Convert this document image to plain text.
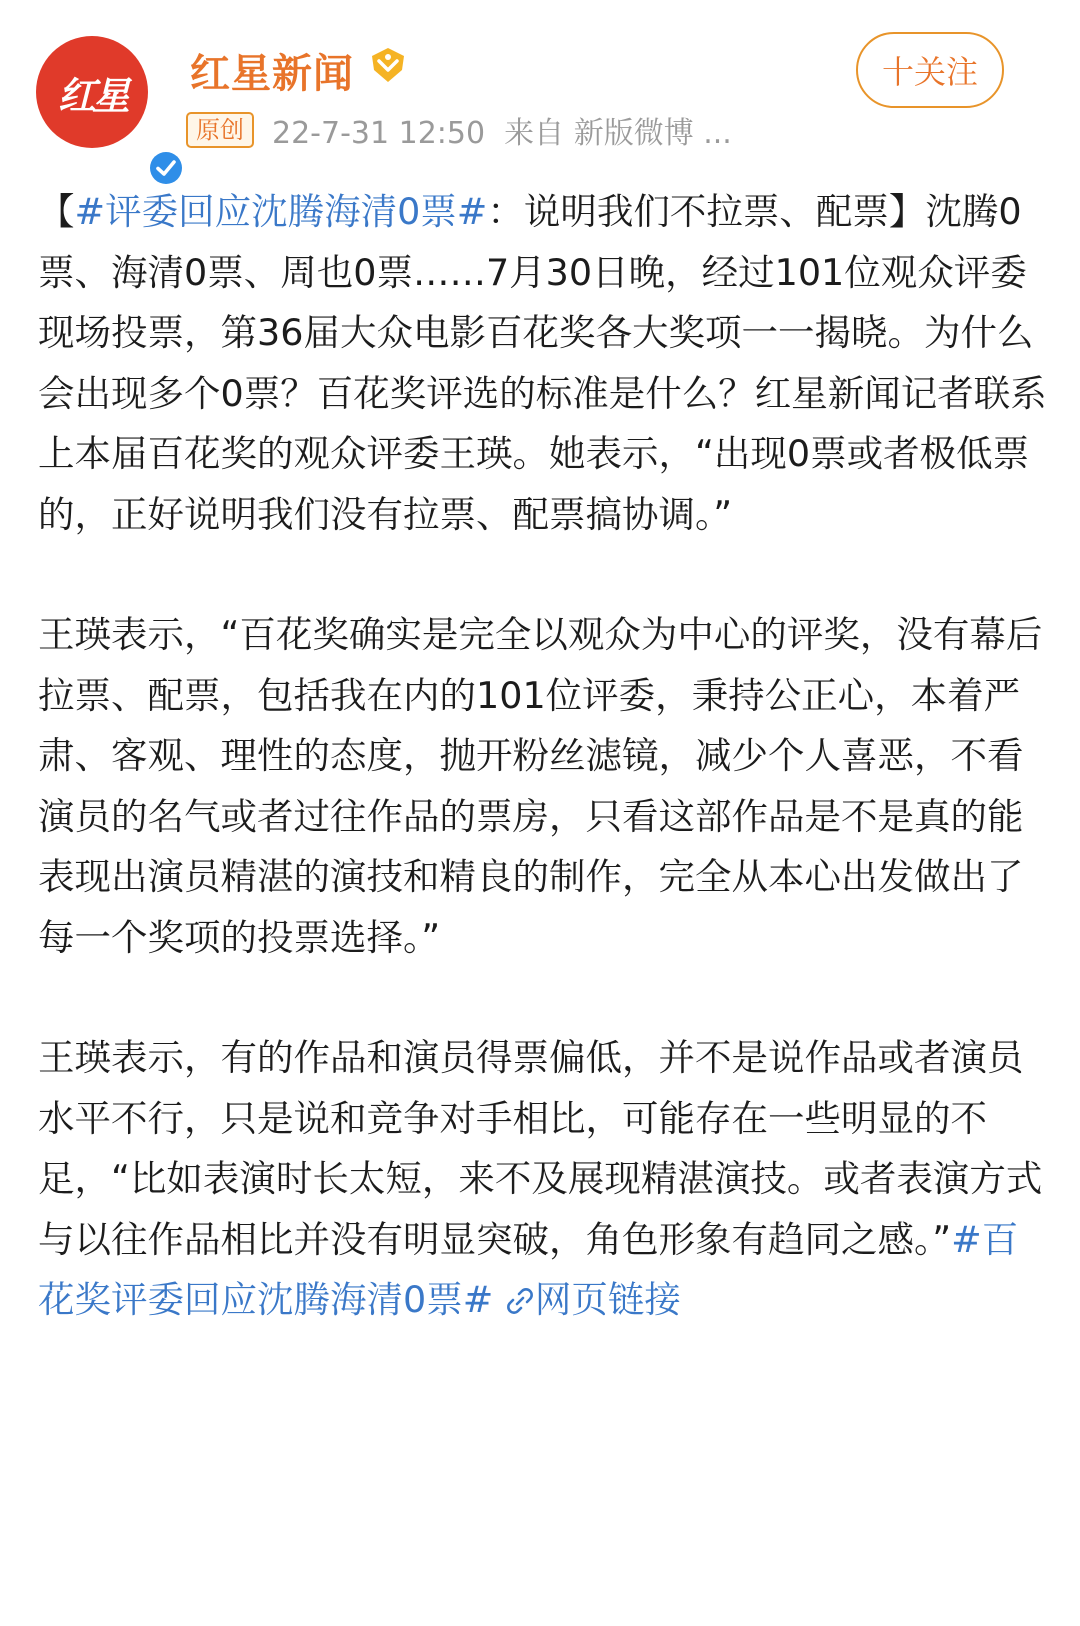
红星	红星新闻
原创 22-7-31 12:50 来自 新版微博 ...
十关注

【#评委回应沈腾海清0票#：说明我们不拉票、配票】沈腾0票、海清0票、周也0票……7月30日晚，经过101位观众评委现场投票，第36届大众电影百花奖各大奖项一一揭晓。为什么会出现多个0票？百花奖评选的标准是什么？红星新闻记者联系上本届百花奖的观众评委王瑛。她表示，“出现0票或者极低票的，正好说明我们没有拉票、配票搞协调。”

王瑛表示，“百花奖确实是完全以观众为中心的评奖，没有幕后拉票、配票，包括我在内的101位评委，秉持公正心，本着严肃、客观、理性的态度，抛开粉丝滤镜，减少个人喜恶，不看演员的名气或者过往作品的票房，只看这部作品是不是真的能表现出演员精湛的演技和精良的制作，完全从本心出发做出了每一个奖项的投票选择。”

王瑛表示，有的作品和演员得票偏低，并不是说作品或者演员水平不行，只是说和竞争对手相比，可能存在一些明显的不足，“比如表演时长太短，来不及展现精湛演技。或者表演方式与以往作品相比并没有明显突破，角色形象有趋同之感。”#百花奖评委回应沈腾海清0票# 网页链接
